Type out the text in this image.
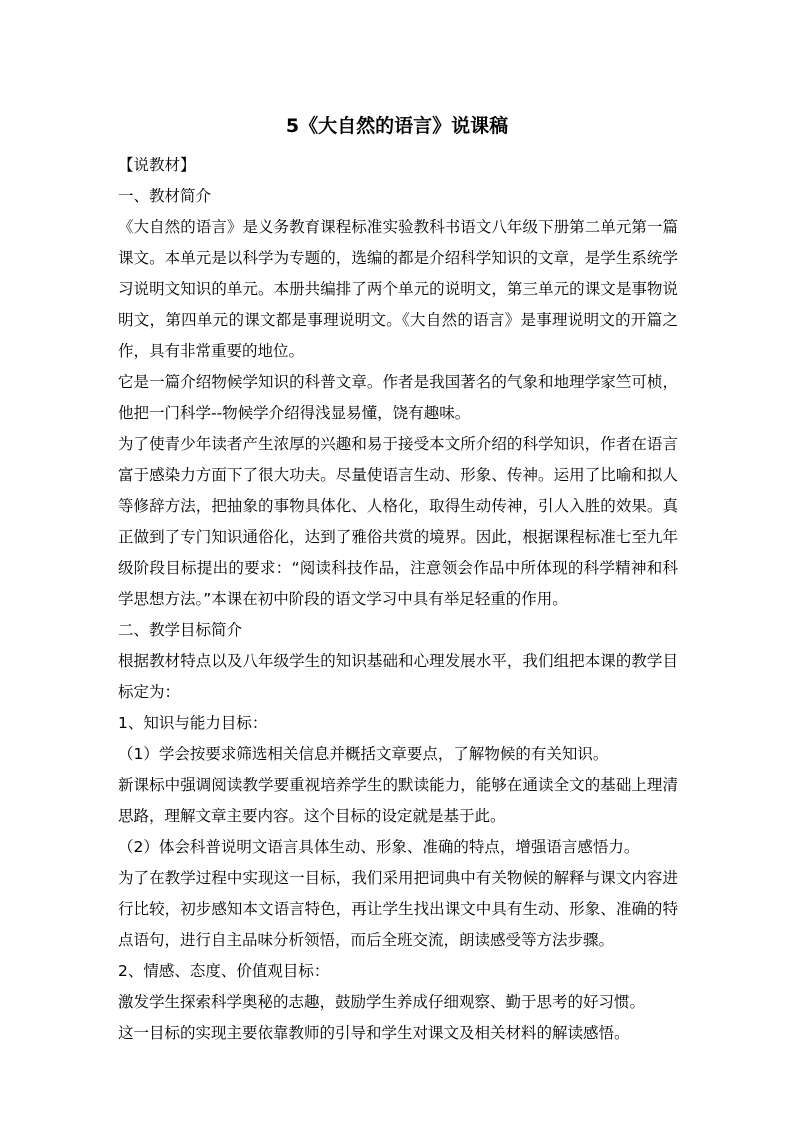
5《大自然的语言》说课稿

【说教材】

一、教材简介

《大自然的语言》是义务教育课程标准实验教科书语文八年级下册第二单元第一篇课文。本单元是以科学为专题的，选编的都是介绍科学知识的文章，是学生系统学习说明文知识的单元。本册共编排了两个单元的说明文，第三单元的课文是事物说明文，第四单元的课文都是事理说明文。《大自然的语言》是事理说明文的开篇之作，具有非常重要的地位。

它是一篇介绍物候学知识的科普文章。作者是我国著名的气象和地理学家竺可桢，他把一门科学--物候学介绍得浅显易懂，饶有趣味。

为了使青少年读者产生浓厚的兴趣和易于接受本文所介绍的科学知识，作者在语言富于感染力方面下了很大功夫。尽量使语言生动、形象、传神。运用了比喻和拟人等修辞方法，把抽象的事物具体化、人格化，取得生动传神，引人入胜的效果。真正做到了专门知识通俗化，达到了雅俗共赏的境界。因此，根据课程标准七至九年级阶段目标提出的要求：“阅读科技作品，注意领会作品中所体现的科学精神和科学思想方法。”本课在初中阶段的语文学习中具有举足轻重的作用。

二、教学目标简介

根据教材特点以及八年级学生的知识基础和心理发展水平，我们组把本课的教学目标定为：

1、知识与能力目标：

（1）学会按要求筛选相关信息并概括文章要点，了解物候的有关知识。

新课标中强调阅读教学要重视培养学生的默读能力，能够在通读全文的基础上理清思路，理解文章主要内容。这个目标的设定就是基于此。

（2）体会科普说明文语言具体生动、形象、准确的特点，增强语言感悟力。

为了在教学过程中实现这一目标，我们采用把词典中有关物候的解释与课文内容进行比较，初步感知本文语言特色，再让学生找出课文中具有生动、形象、准确的特点语句，进行自主品味分析领悟，而后全班交流，朗读感受等方法步骤。

2、情感、态度、价值观目标：

激发学生探索科学奥秘的志趣，鼓励学生养成仔细观察、勤于思考的好习惯。

这一目标的实现主要依靠教师的引导和学生对课文及相关材料的解读感悟。
